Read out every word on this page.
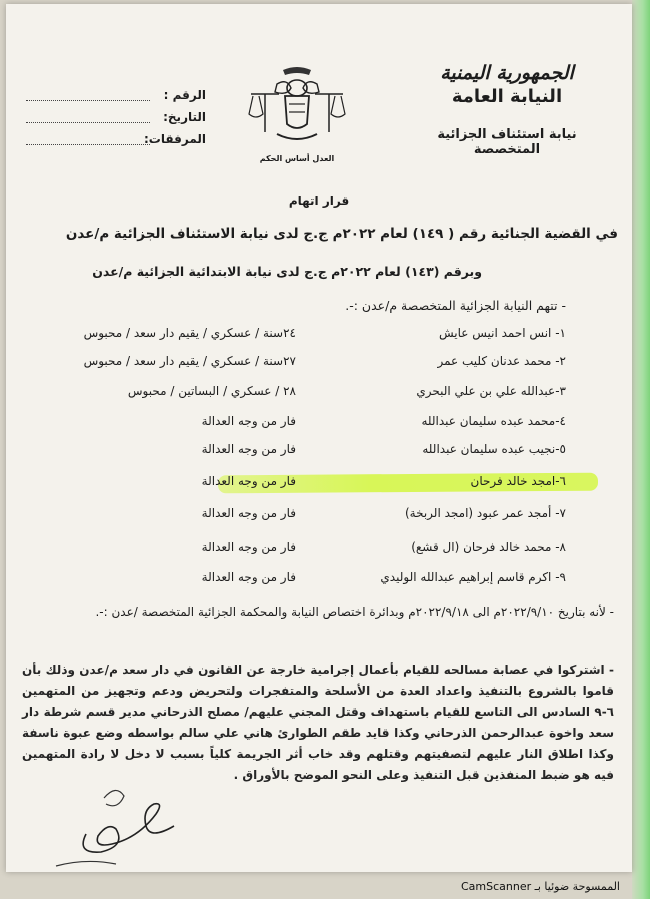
الجمهورية اليمنية
النيابة العامة
نيابة استئناف الجزائية المتخصصة
العدل أساس الحكم
الرقم :
التاريخ:
المرفقات:
قرار اتهام
في القضية الجنائية رقم ( ١٤٩) لعام ٢٠٢٢م ج.ج لدى نيابة الاستئناف الجزائية م/عدن
وبرقم (١٤٣) لعام ٢٠٢٢م ج.ج لدى نيابة الابتدائية الجزائية م/عدن
- تتهم النيابة الجزائية المتخصصة م/عدن :-.
١- انس احمد انيس عايش
٢٤سنة / عسكري / يقيم دار سعد / محبوس
٢- محمد عدنان كليب عمر
٢٧سنة / عسكري / يقيم دار سعد / محبوس
٣-عبدالله علي بن علي البحري
٢٨ / عسكري / البساتين / محبوس
٤-محمد عبده سليمان عبدالله
فار من وجه العدالة
٥-نجيب عبده سليمان عبدالله
فار من وجه العدالة
٦-امجد خالد فرحان
فار من وجه العدالة
٧- أمجد عمر عبود (امجد الربخة)
فار من وجه العدالة
٨- محمد خالد فرحان (ال قشع)
فار من وجه العدالة
٩- اكرم قاسم إبراهيم عبدالله الوليدي
فار من وجه العدالة
- لأنه بتاريخ ٢٠٢٢/٩/١٠م الى ٢٠٢٢/٩/١٨م وبدائرة اختصاص النيابة والمحكمة الجزائية المتخصصة /عدن :-.
- اشتركوا في عصابة مسالحه للقيام بأعمال إجرامية خارجة عن القانون في دار سعد م/عدن وذلك بأن قاموا بالشروع بالتنفيذ واعداد العدة من الأسلحة والمتفجرات ولتحريض ودعم وتجهيز من المتهمين ٦-٩ السادس الى التاسع للقيام باستهداف وقتل المجني عليهم/ مصلح الذرحاني مدير قسم شرطة دار سعد واخوة عبدالرحمن الذرحاني وكذا قايد طقم الطوارئ هاني علي سالم بواسطه وضع عبوة ناسفة وكذا اطلاق النار عليهم لتصفيتهم وقتلهم وقد خاب أثر الجريمة كلياً بسبب لا دخل لا رادة المتهمين فيه هو ضبط المنفذين قبل التنفيذ وعلى النحو الموضح بالأوراق .
الممسوحة ضوئيا بـ CamScanner
